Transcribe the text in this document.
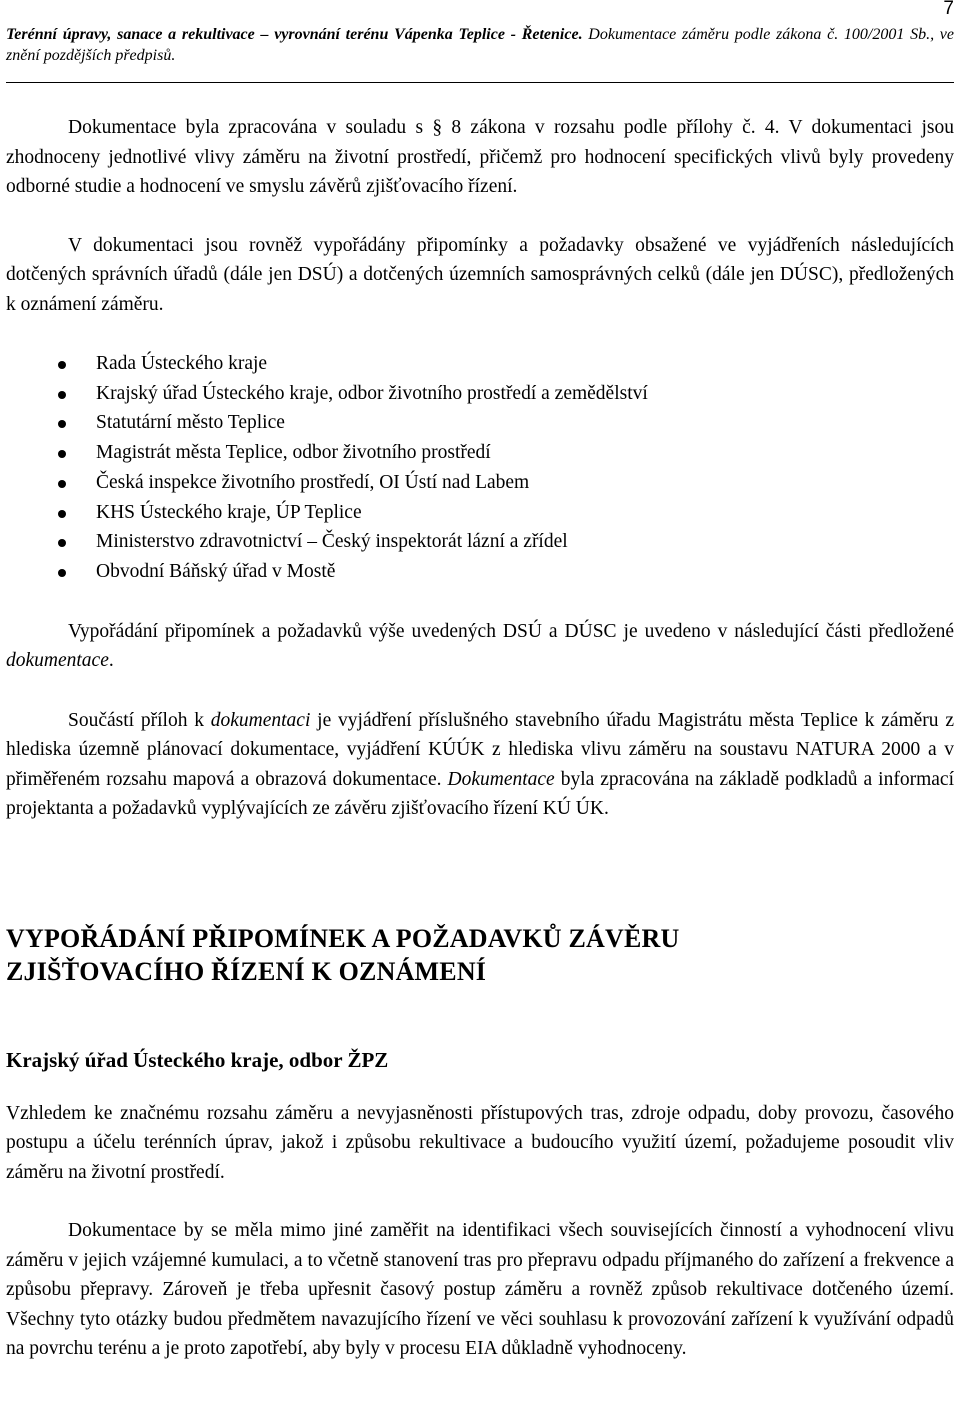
7
Terénní úpravy, sanace a rekultivace – vyrovnání terénu Vápenka Teplice - Řetenice. Dokumentace záměru podle zákona č. 100/2001 Sb., ve znění pozdějších předpisů.

Dokumentace byla zpracována v souladu s § 8 zákona v rozsahu podle přílohy č. 4. V dokumentaci jsou zhodnoceny jednotlivé vlivy záměru na životní prostředí, přičemž pro hodnocení specifických vlivů byly provedeny odborné studie a hodnocení ve smyslu závěrů zjišťovacího řízení.

V dokumentaci jsou rovněž vypořádány připomínky a požadavky obsažené ve vyjádřeních následujících dotčených správních úřadů (dále jen DSÚ) a dotčených územních samosprávných celků (dále jen DÚSC), předložených k oznámení záměru.

Rada Ústeckého kraje
Krajský úřad Ústeckého kraje, odbor životního prostředí a zemědělství
Statutární město Teplice
Magistrát města Teplice, odbor životního prostředí
Česká inspekce životního prostředí, OI Ústí nad Labem
KHS Ústeckého kraje, ÚP Teplice
Ministerstvo zdravotnictví – Český inspektorát lázní a zřídel
Obvodní Báňský úřad v Mostě

Vypořádání připomínek a požadavků výše uvedených DSÚ a DÚSC je uvedeno v následující části předložené dokumentace.

Součástí příloh k dokumentaci je vyjádření příslušného stavebního úřadu Magistrátu města Teplice k záměru z hlediska územně plánovací dokumentace, vyjádření KÚÚK z hlediska vlivu záměru na soustavu NATURA 2000 a v přiměřeném rozsahu mapová a obrazová dokumentace. Dokumentace byla zpracována na základě podkladů a informací projektanta a požadavků vyplývajících ze závěru zjišťovacího řízení KÚ ÚK.

VYPOŘÁDÁNÍ PŘIPOMÍNEK A POŽADAVKŮ ZÁVĚRU
ZJIŠŤOVACÍHO ŘÍZENÍ K OZNÁMENÍ
Krajský úřad Ústeckého kraje, odbor ŽPZ

Vzhledem ke značnému rozsahu záměru a nevyjasněnosti přístupových tras, zdroje odpadu, doby provozu, časového postupu a účelu terénních úprav, jakož i způsobu rekultivace a budoucího využití území, požadujeme posoudit vliv záměru na životní prostředí.

Dokumentace by se měla mimo jiné zaměřit na identifikaci všech souvisejících činností a vyhodnocení vlivu záměru v jejich vzájemné kumulaci, a to včetně stanovení tras pro přepravu odpadu příjmaného do zařízení a frekvence a způsobu přepravy. Zároveň je třeba upřesnit časový postup záměru a rovněž způsob rekultivace dotčeného území. Všechny tyto otázky budou předmětem navazujícího řízení ve věci souhlasu k provozování zařízení k využívání odpadů na povrchu terénu a je proto zapotřebí, aby byly v procesu EIA důkladně vyhodnoceny.
